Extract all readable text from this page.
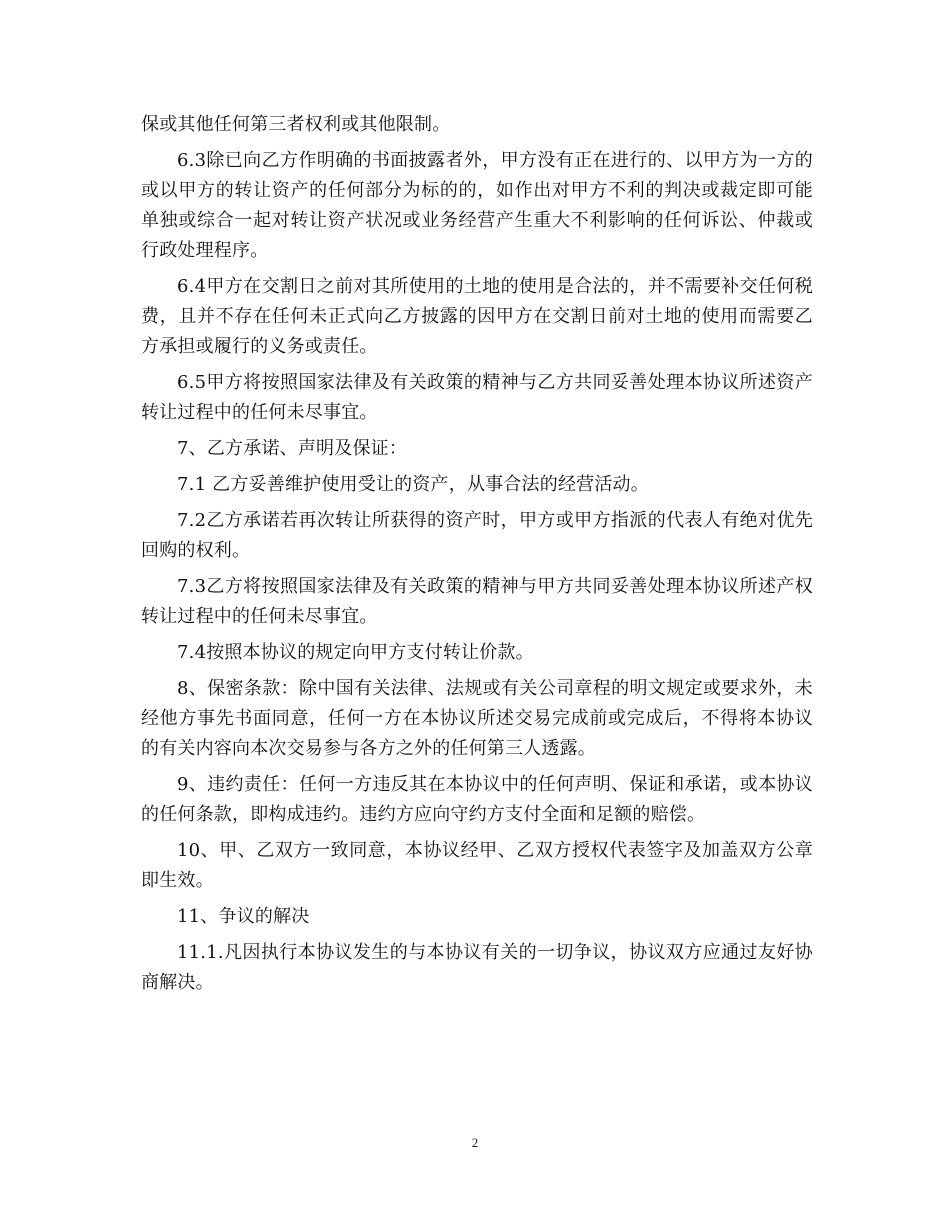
保或其他任何第三者权利或其他限制。

6.3除已向乙方作明确的书面披露者外，甲方没有正在进行的、以甲方为一方的或以甲方的转让资产的任何部分为标的的，如作出对甲方不利的判决或裁定即可能单独或综合一起对转让资产状况或业务经营产生重大不利影响的任何诉讼、仲裁或行政处理程序。

6.4甲方在交割日之前对其所使用的土地的使用是合法的，并不需要补交任何税费，且并不存在任何未正式向乙方披露的因甲方在交割日前对土地的使用而需要乙方承担或履行的义务或责任。

6.5甲方将按照国家法律及有关政策的精神与乙方共同妥善处理本协议所述资产转让过程中的任何未尽事宜。

7、乙方承诺、声明及保证：

7.1 乙方妥善维护使用受让的资产，从事合法的经营活动。

7.2乙方承诺若再次转让所获得的资产时，甲方或甲方指派的代表人有绝对优先回购的权利。

7.3乙方将按照国家法律及有关政策的精神与甲方共同妥善处理本协议所述产权转让过程中的任何未尽事宜。

7.4按照本协议的规定向甲方支付转让价款。

8、保密条款：除中国有关法律、法规或有关公司章程的明文规定或要求外，未经他方事先书面同意，任何一方在本协议所述交易完成前或完成后，不得将本协议的有关内容向本次交易参与各方之外的任何第三人透露。

9、违约责任：任何一方违反其在本协议中的任何声明、保证和承诺，或本协议的任何条款，即构成违约。违约方应向守约方支付全面和足额的赔偿。

10、甲、乙双方一致同意，本协议经甲、乙双方授权代表签字及加盖双方公章即生效。

11、争议的解决

11.1.凡因执行本协议发生的与本协议有关的一切争议，协议双方应通过友好协商解决。

2
